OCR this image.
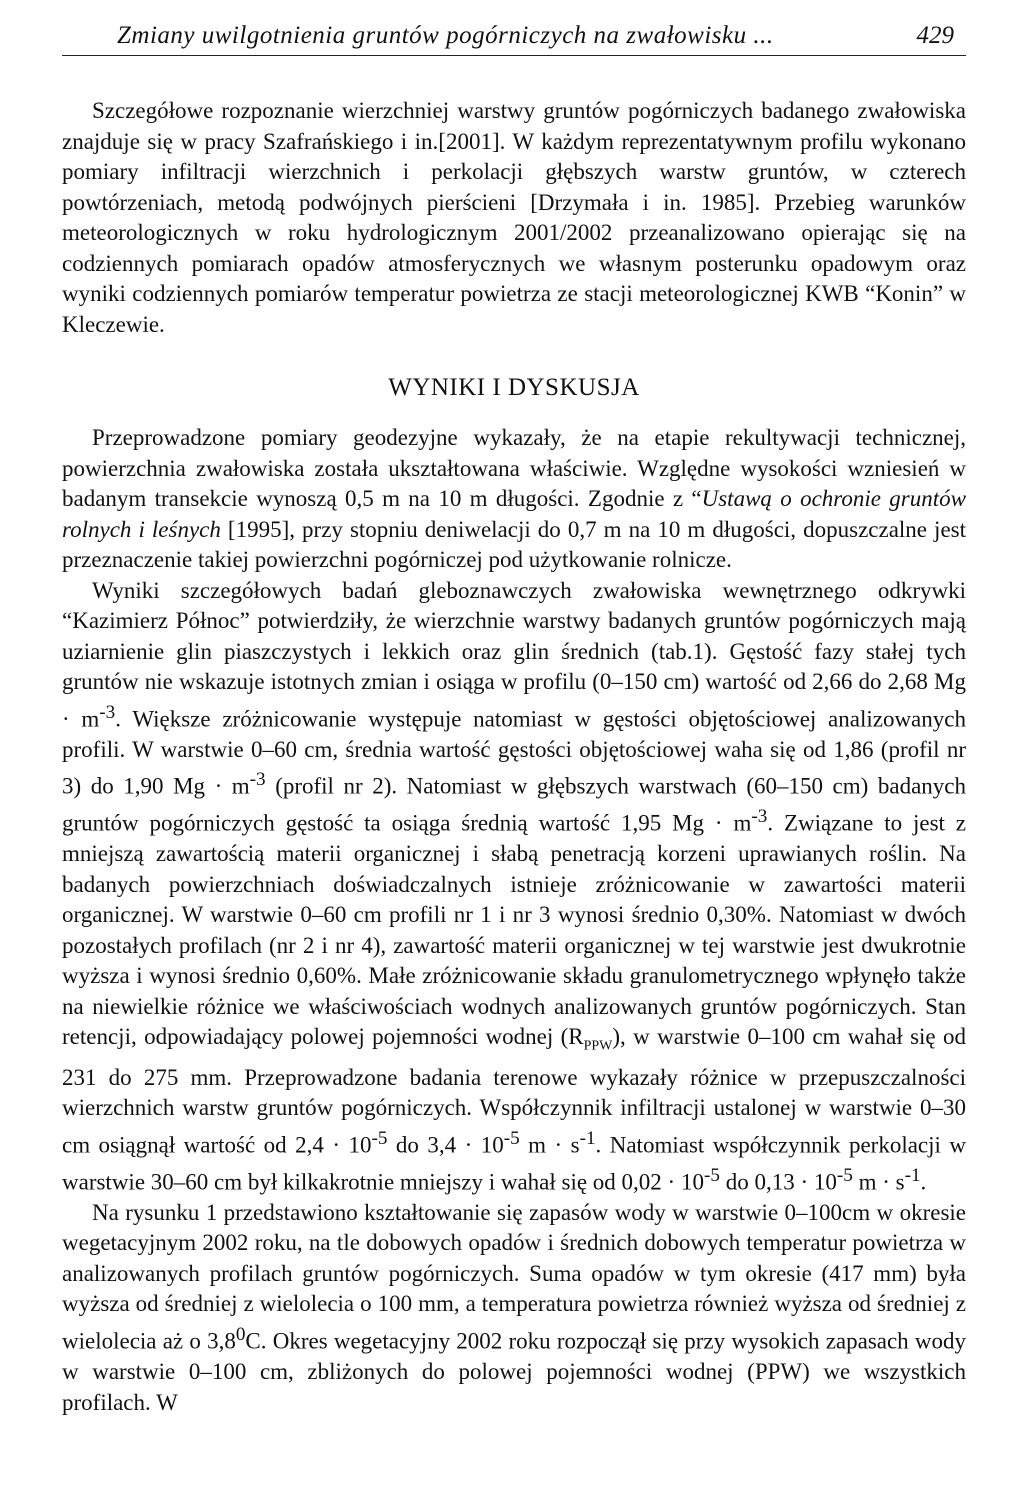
Zmiany uwilgotnienia gruntów pogórniczych na zwałowisku ...	429

Szczegółowe rozpoznanie wierzchniej warstwy gruntów pogórniczych badanego zwałowiska znajduje się w pracy Szafrańskiego i in.[2001]. W każdym reprezentatywnym profilu wykonano pomiary infiltracji wierzchnich i perkolacji głębszych warstw gruntów, w czterech powtórzeniach, metodą podwójnych pierścieni [Drzymała i in. 1985]. Przebieg warunków meteorologicznych w roku hydrologicznym 2001/2002 przeanalizowano opierając się na codziennych pomiarach opadów atmosferycznych we własnym posterunku opadowym oraz wyniki codziennych pomiarów temperatur powietrza ze stacji meteorologicznej KWB “Konin” w Kleczewie.

WYNIKI I DYSKUSJA

Przeprowadzone pomiary geodezyjne wykazały, że na etapie rekultywacji technicznej, powierzchnia zwałowiska została ukształtowana właściwie. Względne wysokości wzniesień w badanym transekcie wynoszą 0,5 m na 10 m długości. Zgodnie z “Ustawą o ochronie gruntów rolnych i leśnych [1995], przy stopniu deniwelacji do 0,7 m na 10 m długości, dopuszczalne jest przeznaczenie takiej powierzchni pogórniczej pod użytkowanie rolnicze.

Wyniki szczegółowych badań gleboznawczych zwałowiska wewnętrznego odkrywki “Kazimierz Północ” potwierdziły, że wierzchnie warstwy badanych gruntów pogórniczych mają uziarnienie glin piaszczystych i lekkich oraz glin średnich (tab.1). Gęstość fazy stałej tych gruntów nie wskazuje istotnych zmian i osiąga w profilu (0–150 cm) wartość od 2,66 do 2,68 $Mg \cdot m^{-3}$. Większe zróżnicowanie występuje natomiast w gęstości objętościowej analizowanych profili. W warstwie 0–60 cm, średnia wartość gęstości objętościowej waha się od 1,86 (profil nr 3) do 1,90 $Mg \cdot m^{-3}$ (profil nr 2). Natomiast w głębszych warstwach (60–150 cm) badanych gruntów pogórniczych gęstość ta osiąga średnią wartość 1,95 $Mg \cdot m^{-3}$. Związane to jest z mniejszą zawartością materii organicznej i słabą penetracją korzeni uprawianych roślin. Na badanych powierzchniach doświadczalnych istnieje zróżnicowanie w zawartości materii organicznej. W warstwie 0–60 cm profili nr 1 i nr 3 wynosi średnio 0,30%. Natomiast w dwóch pozostałych profilach (nr 2 i nr 4), zawartość materii organicznej w tej warstwie jest dwukrotnie wyższa i wynosi średnio 0,60%. Małe zróżnicowanie składu granulometrycznego wpłynęło także na niewielkie różnice we właściwościach wodnych analizowanych gruntów pogórniczych. Stan retencji, odpowiadający polowej pojemności wodnej $(R_{PPW})$, w warstwie 0–100 cm wahał się od 231 do 275 mm. Przeprowadzone badania terenowe wykazały różnice w przepuszczalności wierzchnich warstw gruntów pogórniczych. Współczynnik infiltracji ustalonej w warstwie 0–30 cm osiągnął wartość od $2,4 \cdot 10^{-5}$ do $3,4 \cdot 10^{-5}$ $m \cdot s^{-1}$. Natomiast współczynnik perkolacji w warstwie 30–60 cm był kilkakrotnie mniejszy i wahał się od $0,02 \cdot 10^{-5}$ do $0,13 \cdot 10^{-5}$ $m \cdot s^{-1}$.

Na rysunku 1 przedstawiono kształtowanie się zapasów wody w warstwie 0–100cm w okresie wegetacyjnym 2002 roku, na tle dobowych opadów i średnich dobowych temperatur powietrza w analizowanych profilach gruntów pogórniczych. Suma opadów w tym okresie (417 mm) była wyższa od średniej z wielolecia o 100 mm, a temperatura powietrza również wyższa od średniej z wielolecia aż o $3,8^0C$. Okres wegetacyjny 2002 roku rozpoczął się przy wysokich zapasach wody w warstwie 0–100 cm, zbliżonych do polowej pojemności wodnej (PPW) we wszystkich profilach. W
